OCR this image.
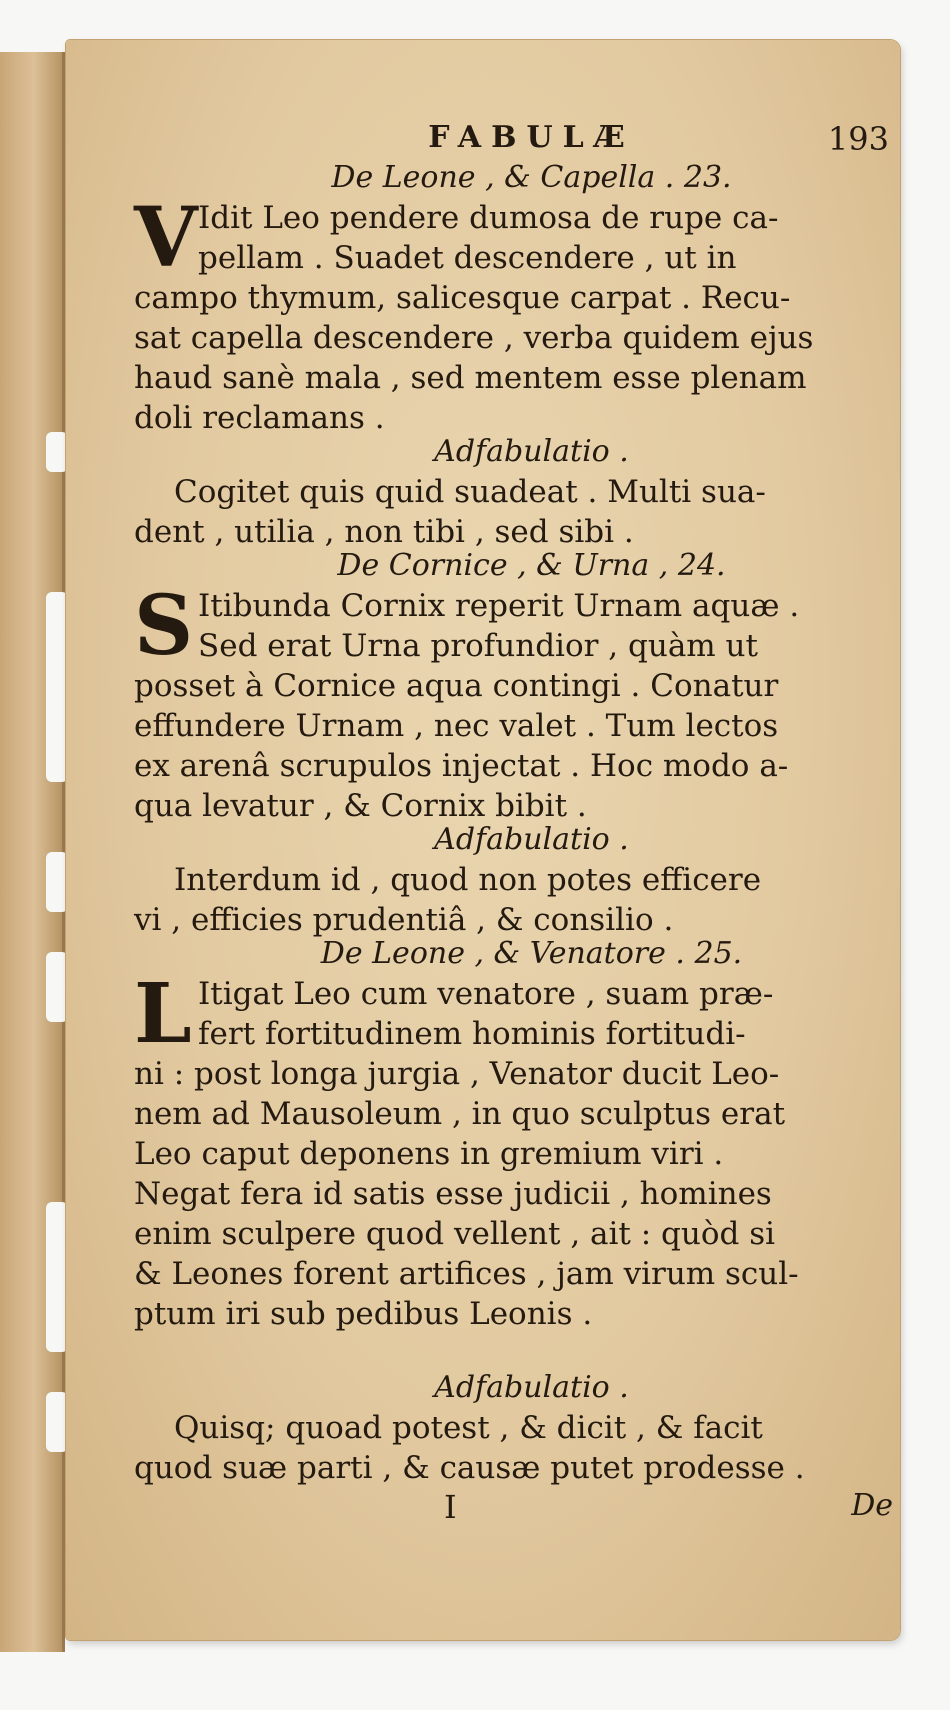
FABULÆ	193
De Leone , & Capella . 23.
V Idit Leo pendere dumosa de rupe ca-
pellam . Suadet descendere , ut in
campo thymum, salicesque carpat . Recu-
sat capella descendere , verba quidem ejus
haud sanè mala , sed mentem esse plenam
doli reclamans .
Adfabulatio .
Cogitet quis quid suadeat . Multi sua-
dent , utilia , non tibi , sed sibi .
De Cornice , & Urna , 24.
S Itibunda Cornix reperit Urnam aquæ .
Sed erat Urna profundior , quàm ut
posset à Cornice aqua contingi . Conatur
effundere Urnam , nec valet . Tum lectos
ex arenâ scrupulos injectat . Hoc modo a-
qua levatur , & Cornix bibit .
Adfabulatio .
Interdum id , quod non potes efficere
vi , efficies prudentiâ , & consilio .
De Leone , & Venatore . 25.
L Itigat Leo cum venatore , suam præ-
fert fortitudinem hominis fortitudi-
ni : post longa jurgia , Venator ducit Leo-
nem ad Mausoleum , in quo sculptus erat
Leo caput deponens in gremium viri .
Negat fera id satis esse judicii , homines
enim sculpere quod vellent , ait : quòd si
& Leones forent artifices , jam virum scul-
ptum iri sub pedibus Leonis .
Adfabulatio .
Quisq; quoad potest , & dicit , & facit
quod suæ parti , & causæ putet prodesse .
I	De
